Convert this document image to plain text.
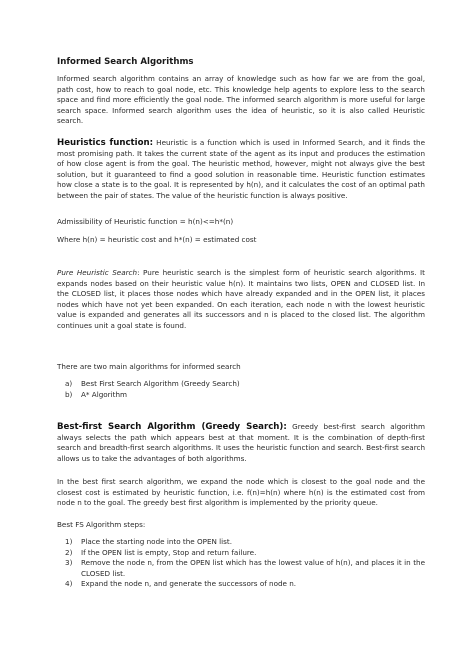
Informed Search Algorithms

Informed search algorithm contains an array of knowledge such as how far we are from the goal, path cost, how to reach to goal node, etc. This knowledge help agents to explore less to the search space and find more efficiently the goal node. The informed search algorithm is more useful for large search space. Informed search algorithm uses the idea of heuristic, so it is also called Heuristic search.

Heuristics function: Heuristic is a function which is used in Informed Search, and it finds the most promising path. It takes the current state of the agent as its input and produces the estimation of how close agent is from the goal. The heuristic method, however, might not always give the best solution, but it guaranteed to find a good solution in reasonable time. Heuristic function estimates how close a state is to the goal. It is represented by h(n), and it calculates the cost of an optimal path between the pair of states. The value of the heuristic function is always positive.

Admissibility of Heuristic function = h(n)<=h*(n)

Where h(n) = heuristic cost and h*(n) = estimated cost

Pure Heuristic Search: Pure heuristic search is the simplest form of heuristic search algorithms. It expands nodes based on their heuristic value h(n). It maintains two lists, OPEN and CLOSED list. In the CLOSED list, it places those nodes which have already expanded and in the OPEN list, it places nodes which have not yet been expanded. On each iteration, each node n with the lowest heuristic value is expanded and generates all its successors and n is placed to the closed list. The algorithm continues unit a goal state is found.

There are two main algorithms for informed search

a) Best First Search Algorithm (Greedy Search)
b) A* Algorithm

Best-first Search Algorithm (Greedy Search): Greedy best-first search algorithm always selects the path which appears best at that moment. It is the combination of depth-first search and breadth-first search algorithms. It uses the heuristic function and search. Best-first search allows us to take the advantages of both algorithms.

In the best first search algorithm, we expand the node which is closest to the goal node and the closest cost is estimated by heuristic function, i.e. f(n)=h(n) where h(n) is the estimated cost from node n to the goal. The greedy best first algorithm is implemented by the priority queue.

Best FS Algorithm steps:

1) Place the starting node into the OPEN list.
2) If the OPEN list is empty, Stop and return failure.
3) Remove the node n, from the OPEN list which has the lowest value of h(n), and places it in the CLOSED list.
4) Expand the node n, and generate the successors of node n.
